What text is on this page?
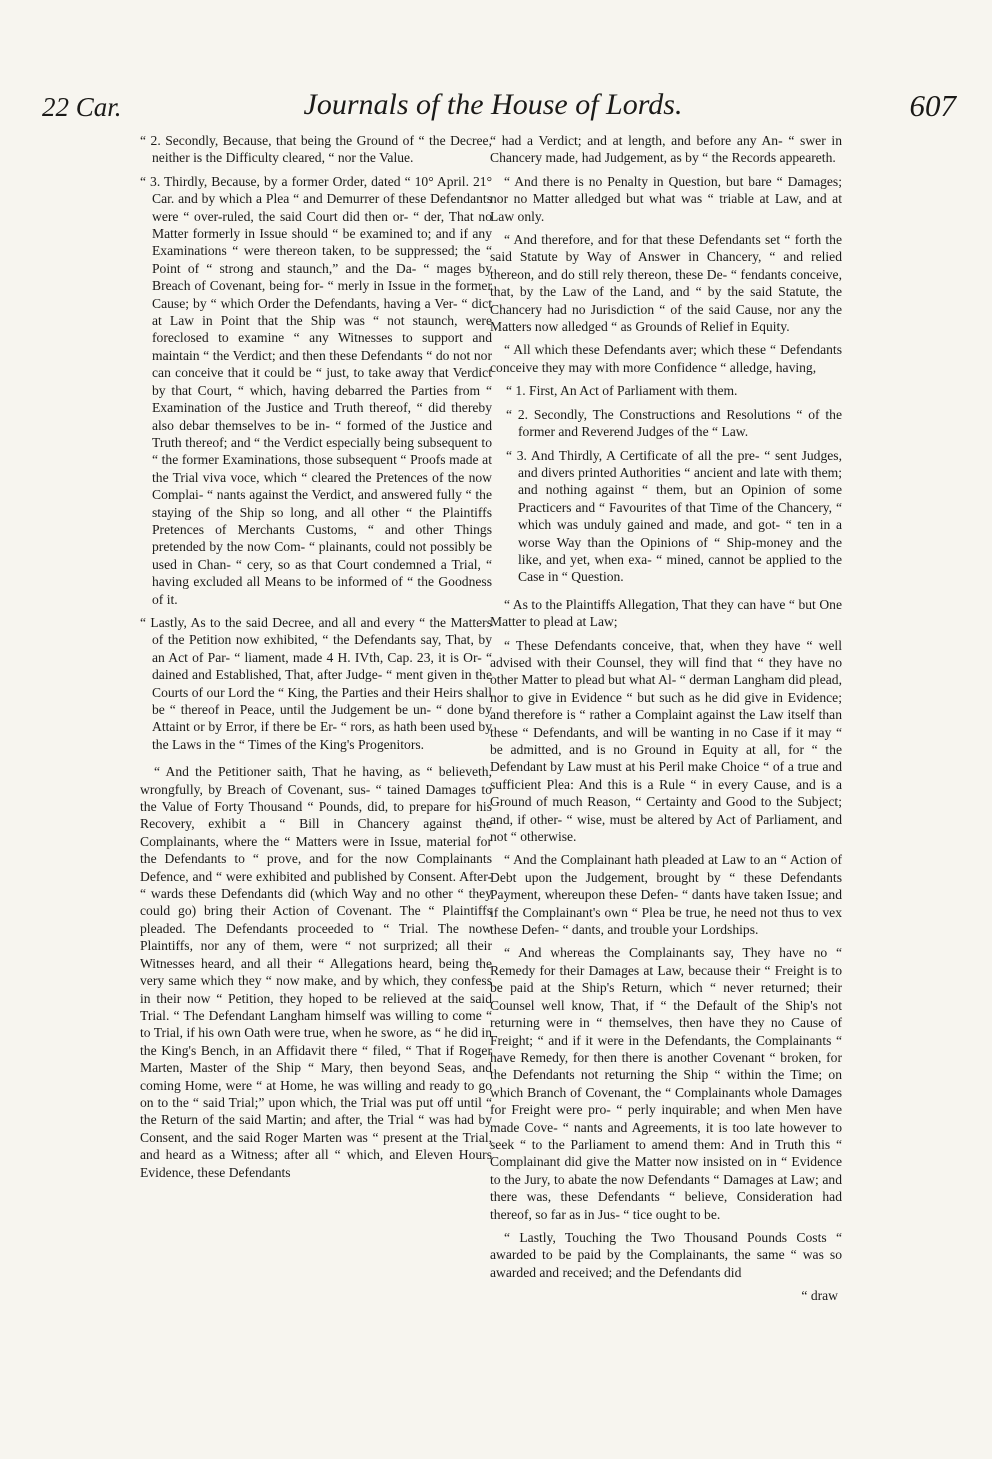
22 Car.	Journals of the House of Lords.	607

“ 2. Secondly, Because, that being the Ground of “ the Decree, neither is the Difficulty cleared, “ nor the Value.

“ 3. Thirdly, Because, by a former Order, dated “ 10° April. 21° Car. and by which a Plea “ and Demurrer of these Defendants were “ over-ruled, the said Court did then or- “ der, That no Matter formerly in Issue should “ be examined to; and if any Examinations “ were thereon taken, to be suppressed; the “ Point of “ strong and staunch,” and the Da- “ mages by Breach of Covenant, being for- “ merly in Issue in the former Cause; by “ which Order the Defendants, having a Ver- “ dict at Law in Point that the Ship was “ not staunch, were foreclosed to examine “ any Witnesses to support and maintain “ the Verdict; and then these Defendants “ do not nor can conceive that it could be “ just, to take away that Verdict by that Court, “ which, having debarred the Parties from “ Examination of the Justice and Truth thereof, “ did thereby also debar themselves to be in- “ formed of the Justice and Truth thereof; and “ the Verdict especially being subsequent to “ the former Examinations, those subsequent “ Proofs made at the Trial viva voce, which “ cleared the Pretences of the now Complai- “ nants against the Verdict, and answered fully “ the staying of the Ship so long, and all other “ the Plaintiffs Pretences of Merchants Customs, “ and other Things pretended by the now Com- “ plainants, could not possibly be used in Chan- “ cery, so as that Court condemned a Trial, “ having excluded all Means to be informed of “ the Goodness of it.

“ Lastly, As to the said Decree, and all and every “ the Matters of the Petition now exhibited, “ the Defendants say, That, by an Act of Par- “ liament, made 4 H. IVth, Cap. 23, it is Or- “ dained and Established, That, after Judge- “ ment given in the Courts of our Lord the “ King, the Parties and their Heirs shall be “ thereof in Peace, until the Judgement be un- “ done by Attaint or by Error, if there be Er- “ rors, as hath been used by the Laws in the “ Times of the King's Progenitors.

“ And the Petitioner saith, That he having, as “ believeth, wrongfully, by Breach of Covenant, sus- “ tained Damages to the Value of Forty Thousand “ Pounds, did, to prepare for his Recovery, exhibit a “ Bill in Chancery against the Complainants, where the “ Matters were in Issue, material for the Defendants to “ prove, and for the now Complainants Defence, and “ were exhibited and published by Consent. After- “ wards these Defendants did (which Way and no other “ they could go) bring their Action of Covenant. The “ Plaintiffs pleaded. The Defendants proceeded to “ Trial. The now Plaintiffs, nor any of them, were “ not surprized; all their Witnesses heard, and all their “ Allegations heard, being the very same which they “ now make, and by which, they confess in their now “ Petition, they hoped to be relieved at the said Trial. “ The Defendant Langham himself was willing to come “ to Trial, if his own Oath were true, when he swore, as “ he did in the King's Bench, in an Affidavit there “ filed, “ That if Roger Marten, Master of the Ship “ Mary, then beyond Seas, and coming Home, were “ at Home, he was willing and ready to go on to the “ said Trial;” upon which, the Trial was put off until “ the Return of the said Martin; and after, the Trial “ was had by Consent, and the said Roger Marten was “ present at the Trial, and heard as a Witness; after all “ which, and Eleven Hours Evidence, these Defendants

“ had a Verdict; and at length, and before any An- “ swer in Chancery made, had Judgement, as by “ the Records appeareth.

“ And there is no Penalty in Question, but bare “ Damages; nor no Matter alledged but what was “ triable at Law, and at Law only.

“ And therefore, and for that these Defendants set “ forth the said Statute by Way of Answer in Chancery, “ and relied thereon, and do still rely thereon, these De- “ fendants conceive, that, by the Law of the Land, and “ by the said Statute, the Chancery had no Jurisdiction “ of the said Cause, nor any the Matters now alledged “ as Grounds of Relief in Equity.

“ All which these Defendants aver; which these “ Defendants conceive they may with more Confidence “ alledge, having,

“ 1. First, An Act of Parliament with them.

“ 2. Secondly, The Constructions and Resolutions “ of the former and Reverend Judges of the “ Law.

“ 3. And Thirdly, A Certificate of all the pre- “ sent Judges, and divers printed Authorities “ ancient and late with them; and nothing against “ them, but an Opinion of some Practicers and “ Favourites of that Time of the Chancery, “ which was unduly gained and made, and got- “ ten in a worse Way than the Opinions of “ Ship-money and the like, and yet, when exa- “ mined, cannot be applied to the Case in “ Question.

“ As to the Plaintiffs Allegation, That they can have “ but One Matter to plead at Law;

“ These Defendants conceive, that, when they have “ well advised with their Counsel, they will find that “ they have no other Matter to plead but what Al- “ derman Langham did plead, nor to give in Evidence “ but such as he did give in Evidence; and therefore is “ rather a Complaint against the Law itself than these “ Defendants, and will be wanting in no Case if it may “ be admitted, and is no Ground in Equity at all, for “ the Defendant by Law must at his Peril make Choice “ of a true and sufficient Plea: And this is a Rule “ in every Cause, and is a Ground of much Reason, “ Certainty and Good to the Subject; and, if other- “ wise, must be altered by Act of Parliament, and not “ otherwise.

“ And the Complainant hath pleaded at Law to an “ Action of Debt upon the Judgement, brought by “ these Defendants Payment, whereupon these Defen- “ dants have taken Issue; and if the Complainant's own “ Plea be true, he need not thus to vex these Defen- “ dants, and trouble your Lordships.

“ And whereas the Complainants say, They have no “ Remedy for their Damages at Law, because their “ Freight is to be paid at the Ship's Return, which “ never returned; their Counsel well know, That, if “ the Default of the Ship's not returning were in “ themselves, then have they no Cause of Freight; “ and if it were in the Defendants, the Complainants “ have Remedy, for then there is another Covenant “ broken, for the Defendants not returning the Ship “ within the Time; on which Branch of Covenant, the “ Complainants whole Damages for Freight were pro- “ perly inquirable; and when Men have made Cove- “ nants and Agreements, it is too late however to seek “ to the Parliament to amend them: And in Truth this “ Complainant did give the Matter now insisted on in “ Evidence to the Jury, to abate the now Defendants “ Damages at Law; and there was, these Defendants “ believe, Consideration had thereof, so far as in Jus- “ tice ought to be.

“ Lastly, Touching the Two Thousand Pounds Costs “ awarded to be paid by the Complainants, the same “ was so awarded and received; and the Defendants did

“ draw
